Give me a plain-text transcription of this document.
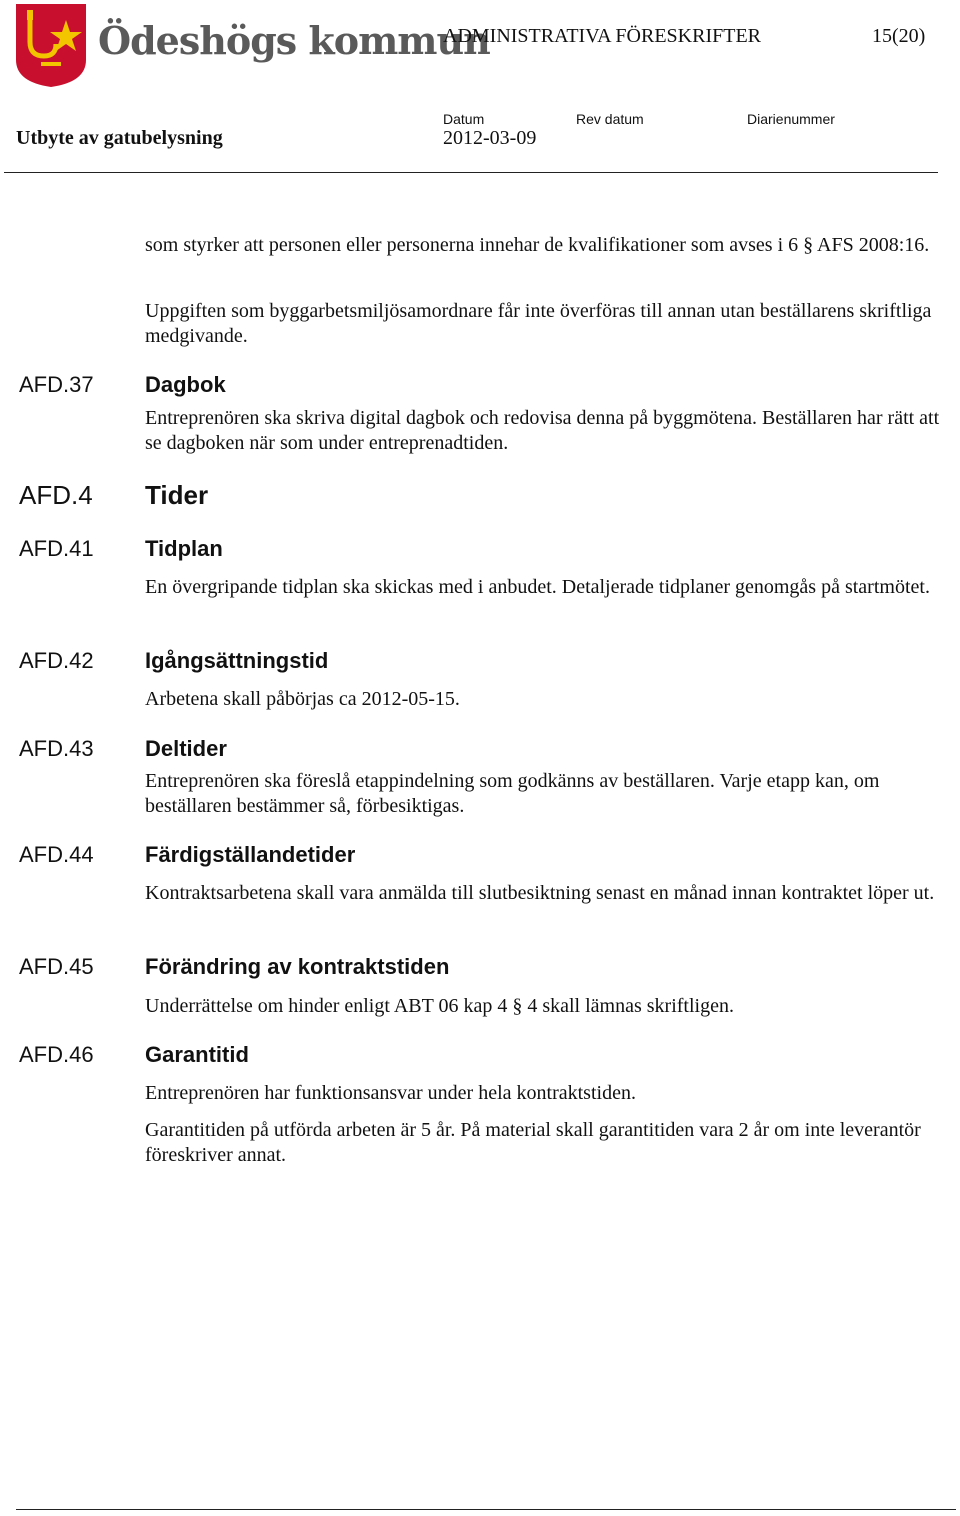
Ödeshögs kommun
ADMINISTRATIVA FÖRESKRIFTER	15(20)
Utbyte av gatubelysning
Datum	Rev datum	Diarienummer
2012-03-09
som styrker att personen eller personerna innehar de kvalifikationer som avses i 6 § AFS 2008:16.
Uppgiften som byggarbetsmiljösamordnare får inte överföras till annan utan beställarens skriftliga medgivande.
AFD.37 Dagbok
Entreprenören ska skriva digital dagbok och redovisa denna på byggmötena. Beställaren har rätt att se dagboken när som under entreprenadtiden.
AFD.4 Tider
AFD.41 Tidplan
En övergripande tidplan ska skickas med i anbudet. Detaljerade tidplaner genomgås på startmötet.
AFD.42 Igångsättningstid
Arbetena skall påbörjas ca 2012-05-15.
AFD.43 Deltider
Entreprenören ska föreslå etappindelning som godkänns av beställaren. Varje etapp kan, om beställaren bestämmer så, förbesiktigas.
AFD.44 Färdigställandetider
Kontraktsarbetena skall vara anmälda till slutbesiktning senast en månad innan kontraktet löper ut.
AFD.45 Förändring av kontraktstiden
Underrättelse om hinder enligt ABT 06 kap 4 § 4 skall lämnas skriftligen.
AFD.46 Garantitid
Entreprenören har funktionsansvar under hela kontraktstiden.
Garantitiden på utförda arbeten är 5 år. På material skall garantitiden vara 2 år om inte leverantör föreskriver annat.
